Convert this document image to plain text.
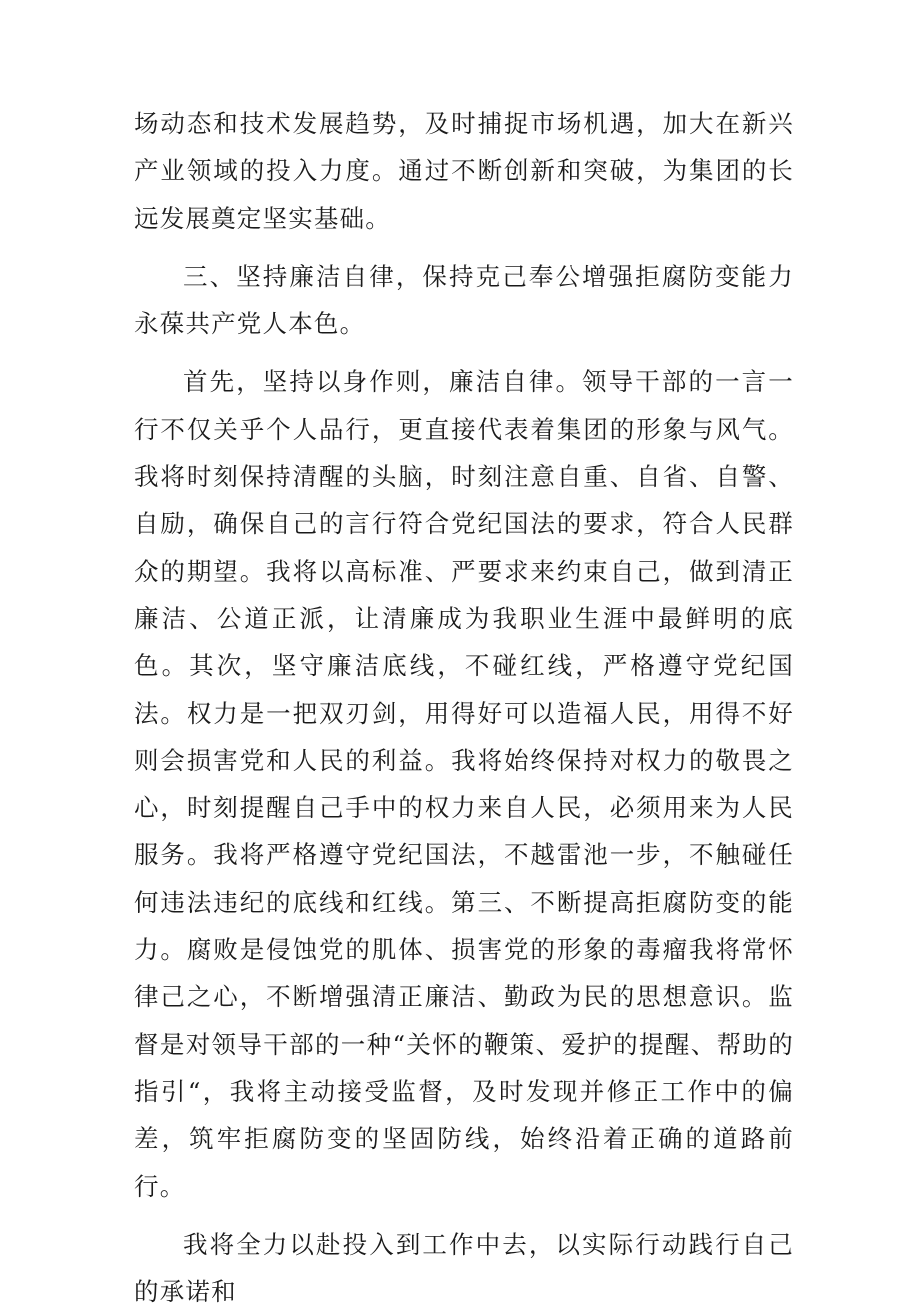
场动态和技术发展趋势，及时捕捉市场机遇，加大在新兴产业领域的投入力度。通过不断创新和突破，为集团的长远发展奠定坚实基础。

三、坚持廉洁自律，保持克己奉公增强拒腐防变能力永葆共产党人本色。

首先，坚持以身作则，廉洁自律。领导干部的一言一行不仅关乎个人品行，更直接代表着集团的形象与风气。我将时刻保持清醒的头脑，时刻注意自重、自省、自警、自励，确保自己的言行符合党纪国法的要求，符合人民群众的期望。我将以高标准、严要求来约束自己，做到清正廉洁、公道正派，让清廉成为我职业生涯中最鲜明的底色。其次，坚守廉洁底线，不碰红线，严格遵守党纪国法。权力是一把双刃剑，用得好可以造福人民，用得不好则会损害党和人民的利益。我将始终保持对权力的敬畏之心，时刻提醒自己手中的权力来自人民，必须用来为人民服务。我将严格遵守党纪国法，不越雷池一步，不触碰任何违法违纪的底线和红线。第三、不断提高拒腐防变的能力。腐败是侵蚀党的肌体、损害党的形象的毒瘤我将常怀律己之心，不断增强清正廉洁、勤政为民的思想意识。监督是对领导干部的一种“关怀的鞭策、爱护的提醒、帮助的指引“，我将主动接受监督，及时发现并修正工作中的偏差，筑牢拒腐防变的坚固防线，始终沿着正确的道路前行。

我将全力以赴投入到工作中去，以实际行动践行自己的承诺和
